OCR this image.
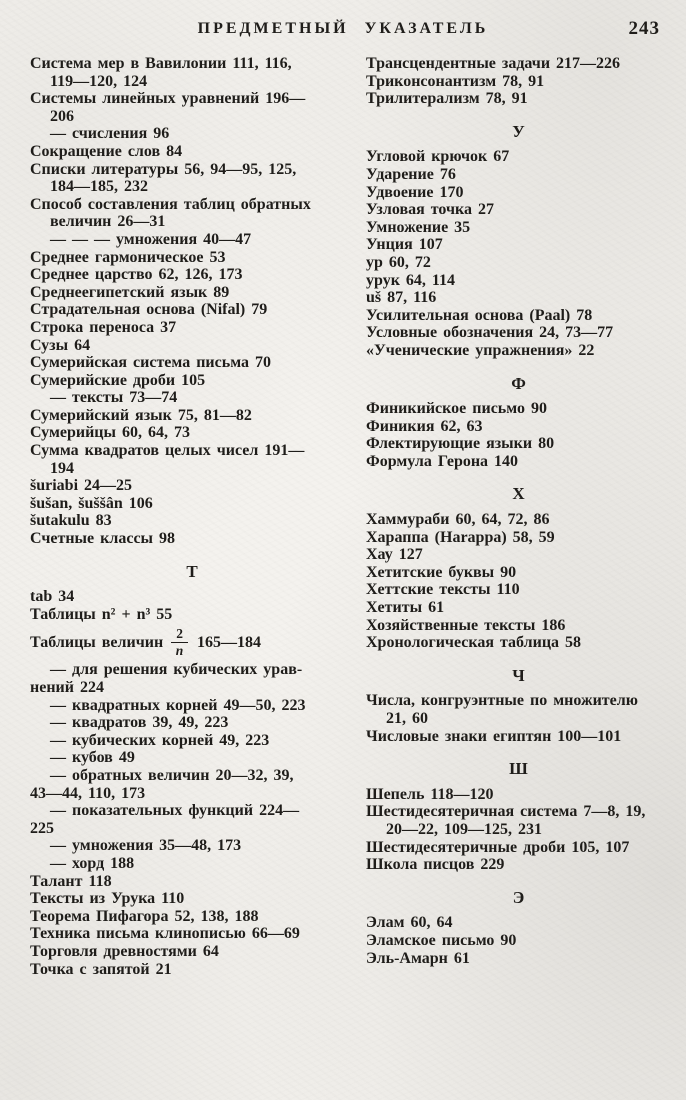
ПРЕДМЕТНЫЙ УКАЗАТЕЛЬ	243
Система мер в Вавилонии 111, 116,
119—120, 124
Системы линейных уравнений 196—
206
— счисления 96
Сокращение слов 84
Списки литературы 56, 94—95, 125,
184—185, 232
Способ составления таблиц обратных
величин 26—31
— — — умножения 40—47
Среднее гармоническое 53
Среднее царство 62, 126, 173
Среднеегипетский язык 89
Страдательная основа (Nifal) 79
Строка переноса 37
Сузы 64
Сумерийская система письма 70
Сумерийские дроби 105
— тексты 73—74
Сумерийский язык 75, 81—82
Сумерийцы 60, 64, 73
Сумма квадратов целых чисел 191—
194
šuriabi 24—25
šušan, šuššân 106
šutakulu 83
Счетные классы 98
Т
tab 34
Таблицы n² + n³ 55
Таблицы величин $\frac{2}{n}$ 165—184
— для решения кубических урав-
нений 224
— квадратных корней 49—50, 223
— квадратов 39, 49, 223
— кубических корней 49, 223
— кубов 49
— обратных величин 20—32, 39,
43—44, 110, 173
— показательных функций 224—
225
— умножения 35—48, 173
— хорд 188
Талант 118
Тексты из Урука 110
Теорема Пифагора 52, 138, 188
Техника письма клинописью 66—69
Торговля древностями 64
Точка с запятой 21
Трансцендентные задачи 217—226
Триконсонантизм 78, 91
Трилитерализм 78, 91
У
Угловой крючок 67
Ударение 76
Удвоение 170
Узловая точка 27
Умножение 35
Унция 107
ур 60, 72
урук 64, 114
uš 87, 116
Усилительная основа (Paal) 78
Условные обозначения 24, 73—77
«Ученические упражнения» 22
Ф
Финикийское письмо 90
Финикия 62, 63
Флектирующие языки 80
Формула Герона 140
Х
Хаммураби 60, 64, 72, 86
Хараппа (Harappa) 58, 59
Хау 127
Хетитские буквы 90
Хеттские тексты 110
Хетиты 61
Хозяйственные тексты 186
Хронологическая таблица 58
Ч
Числа, конгруэнтные по множителю
21, 60
Числовые знаки египтян 100—101
Ш
Шепель 118—120
Шестидесятеричная система 7—8, 19,
20—22, 109—125, 231
Шестидесятеричные дроби 105, 107
Школа писцов 229
Э
Элам 60, 64
Эламское письмо 90
Эль-Амарн 61
